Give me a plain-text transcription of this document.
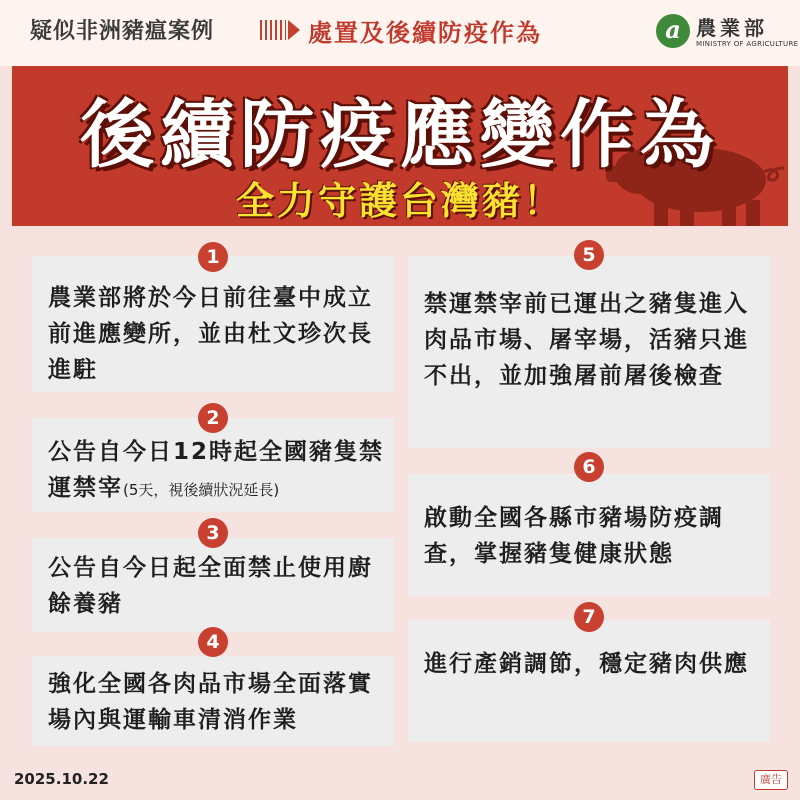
疑似非洲豬瘟案例	處置及後續防疫作為	a 農業部
MINISTRY OF AGRICULTURE
後續防疫應變作為
全力守護台灣豬！
農業部將於今日前往臺中成立前進應變所，並由杜文珍次長進駐
1
公告自今日12時起全國豬隻禁運禁宰(5天，視後續狀況延長)
2
公告自今日起全面禁止使用廚餘養豬
3
強化全國各肉品市場全面落實場內與運輸車清消作業
4
禁運禁宰前已運出之豬隻進入肉品市場、屠宰場，活豬只進不出，並加強屠前屠後檢查
5
啟動全國各縣市豬場防疫調查，掌握豬隻健康狀態
6
進行產銷調節，穩定豬肉供應
7
2025.10.22	廣告
